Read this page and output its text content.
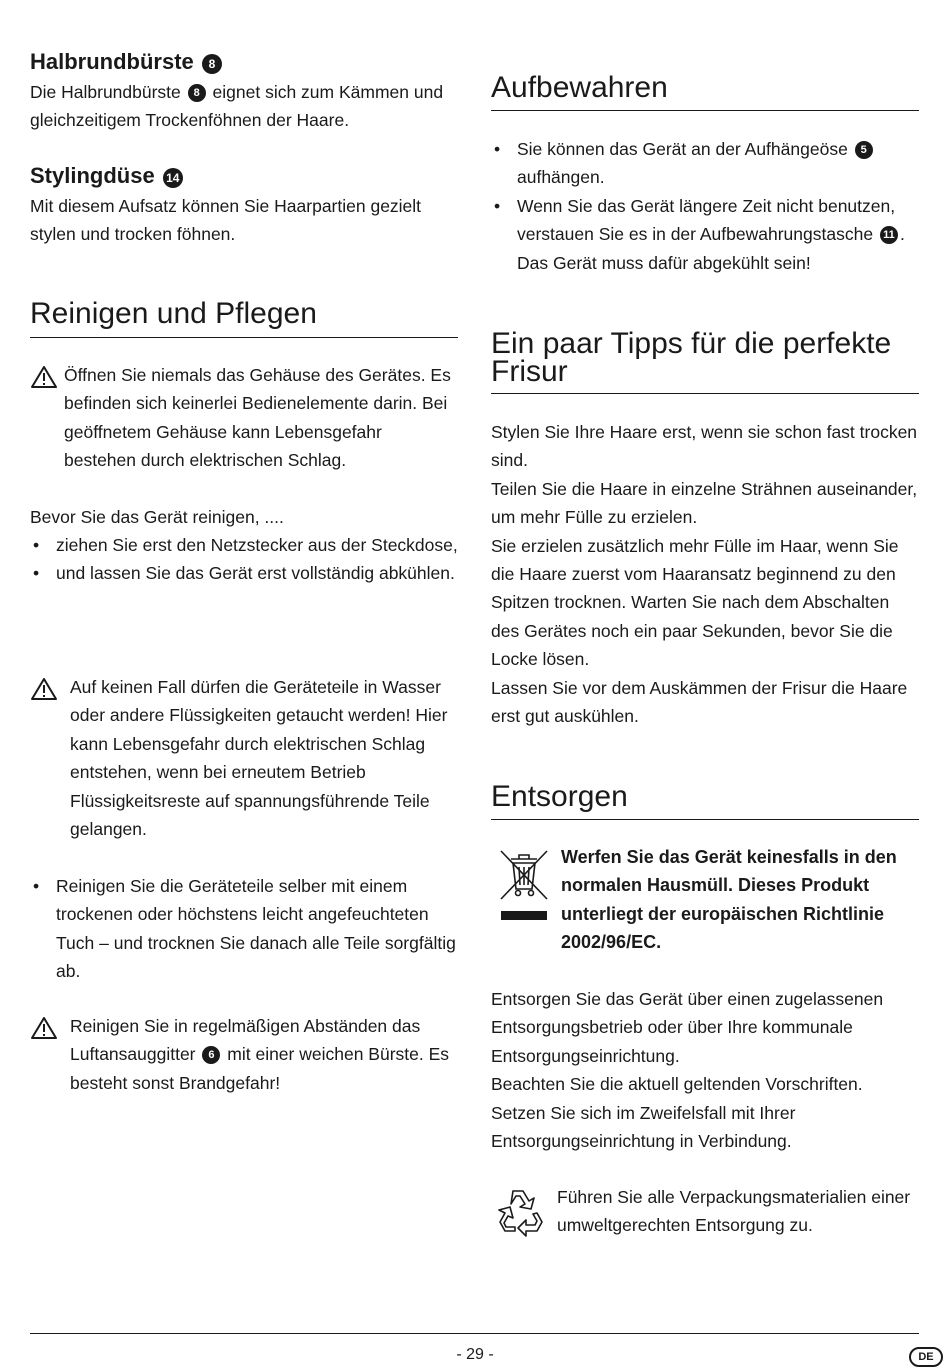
Halbrundbürste 8

Die Halbrundbürste 8 eignet sich zum Kämmen und gleichzeitigem Trockenföhnen der Haare.

Stylingdüse 14

Mit diesem Aufsatz können Sie Haarpartien gezielt stylen und trocken föhnen.

Reinigen und Pflegen
Öffnen Sie niemals das Gehäuse des Gerätes. Es befinden sich keinerlei Bedienelemente darin. Bei geöffnetem Gehäuse kann Lebensgefahr bestehen durch elektrischen Schlag.

Bevor Sie das Gerät reinigen, ....

• ziehen Sie erst den Netzstecker aus der Steckdose,
• und lassen Sie das Gerät erst vollständig abkühlen.
Auf keinen Fall dürfen die Geräteteile in Wasser oder andere Flüssigkeiten getaucht werden! Hier kann Lebensgefahr durch elektrischen Schlag entstehen, wenn bei erneutem Betrieb Flüssigkeitsreste auf spannungsführende Teile gelangen.
• Reinigen Sie die Geräteteile selber mit einem trockenen oder höchstens leicht angefeuchteten Tuch – und trocknen Sie danach alle Teile sorgfältig ab.
Reinigen Sie in regelmäßigen Abständen das Luftansauggitter 6 mit einer weichen Bürste. Es besteht sonst Brandgefahr!
Aufbewahren
• Sie können das Gerät an der Aufhängeöse 5 aufhängen.
• Wenn Sie das Gerät längere Zeit nicht benutzen, verstauen Sie es in der Aufbewahrungstasche 11 . Das Gerät muss dafür abgekühlt sein!
Ein paar Tipps für die perfekte Frisur
Stylen Sie Ihre Haare erst, wenn sie schon fast trocken sind.
Teilen Sie die Haare in einzelne Strähnen auseinander, um mehr Fülle zu erzielen.
Sie erzielen zusätzlich mehr Fülle im Haar, wenn Sie die Haare zuerst vom Haaransatz beginnend zu den Spitzen trocknen. Warten Sie nach dem Abschalten des Gerätes noch ein paar Sekunden, bevor Sie die Locke lösen.
Lassen Sie vor dem Auskämmen der Frisur die Haare erst gut auskühlen.
Entsorgen
Werfen Sie das Gerät keinesfalls in den normalen Hausmüll. Dieses Produkt unterliegt der europäischen Richtlinie 2002/96/EC.
Entsorgen Sie das Gerät über einen zugelassenen Entsorgungsbetrieb oder über Ihre kommunale Entsorgungseinrichtung.
Beachten Sie die aktuell geltenden Vorschriften. Setzen Sie sich im Zweifelsfall mit Ihrer Entsorgungseinrichtung in Verbindung.
Führen Sie alle Verpackungsmaterialien einer umweltgerechten Entsorgung zu.
- 29 -	DE
